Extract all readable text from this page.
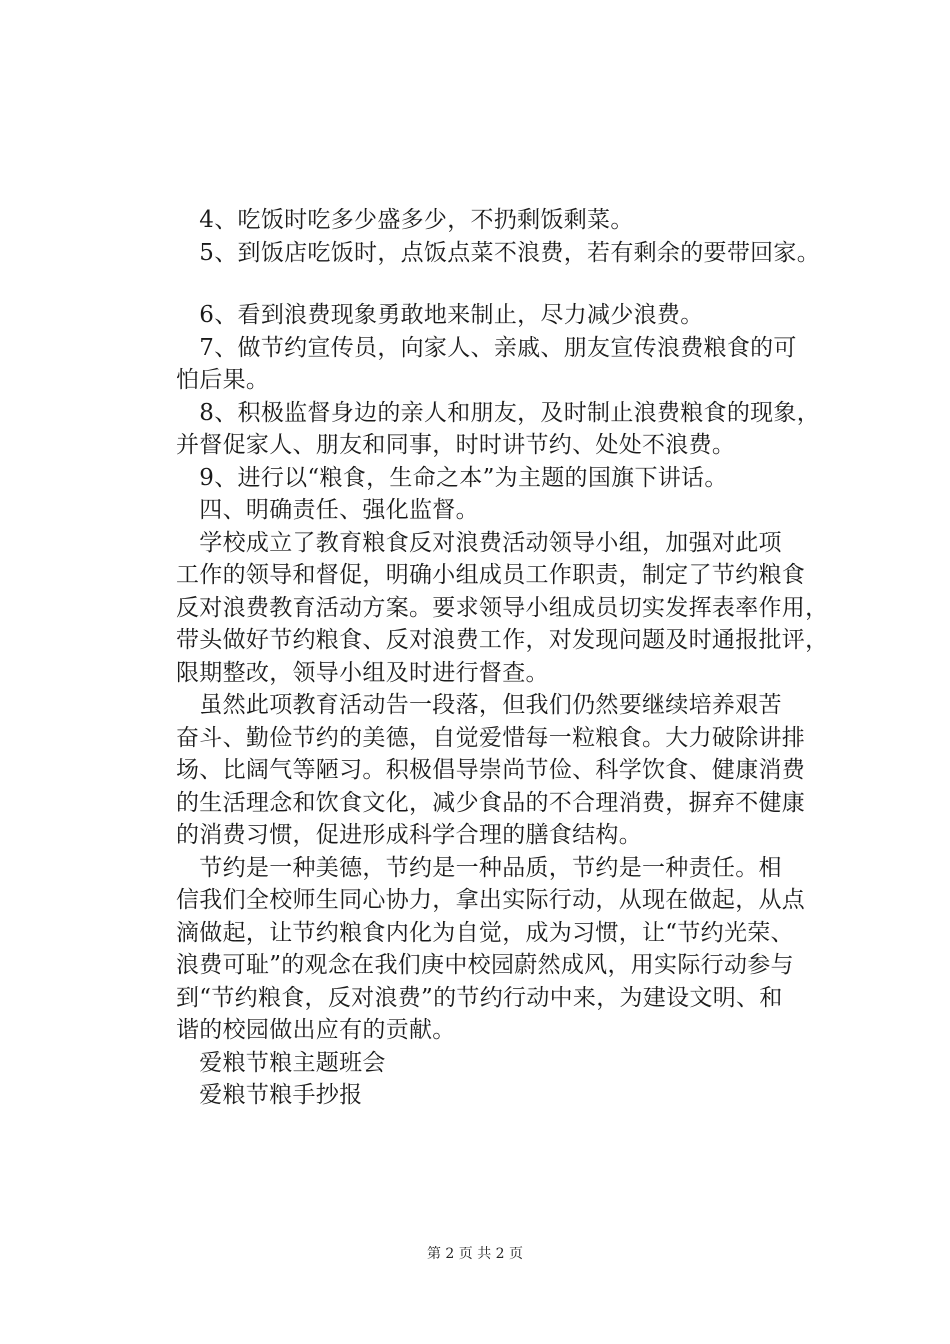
　4、吃饭时吃多少盛多少，不扔剩饭剩菜。
　5、到饭店吃饭时，点饭点菜不浪费，若有剩余的要带回家。
　6、看到浪费现象勇敢地来制止，尽力减少浪费。
　7、做节约宣传员，向家人、亲戚、朋友宣传浪费粮食的可
怕后果。
　8、积极监督身边的亲人和朋友，及时制止浪费粮食的现象，
并督促家人、朋友和同事，时时讲节约、处处不浪费。
　9、进行以“粮食，生命之本”为主题的国旗下讲话。
　四、明确责任、强化监督。
　学校成立了教育粮食反对浪费活动领导小组，加强对此项
工作的领导和督促，明确小组成员工作职责，制定了节约粮食
反对浪费教育活动方案。要求领导小组成员切实发挥表率作用，
带头做好节约粮食、反对浪费工作，对发现问题及时通报批评，
限期整改，领导小组及时进行督查。
　虽然此项教育活动告一段落，但我们仍然要继续培养艰苦
奋斗、勤俭节约的美德，自觉爱惜每一粒粮食。大力破除讲排
场、比阔气等陋习。积极倡导崇尚节俭、科学饮食、健康消费
的生活理念和饮食文化，减少食品的不合理消费，摒弃不健康
的消费习惯，促进形成科学合理的膳食结构。
　节约是一种美德，节约是一种品质，节约是一种责任。相
信我们全校师生同心协力，拿出实际行动，从现在做起，从点
滴做起，让节约粮食内化为自觉，成为习惯，让“节约光荣、
浪费可耻”的观念在我们庚中校园蔚然成风，用实际行动参与
到“节约粮食，反对浪费”的节约行动中来，为建设文明、和
谐的校园做出应有的贡献。
　爱粮节粮主题班会
　爱粮节粮手抄报
第 2 页 共 2 页
